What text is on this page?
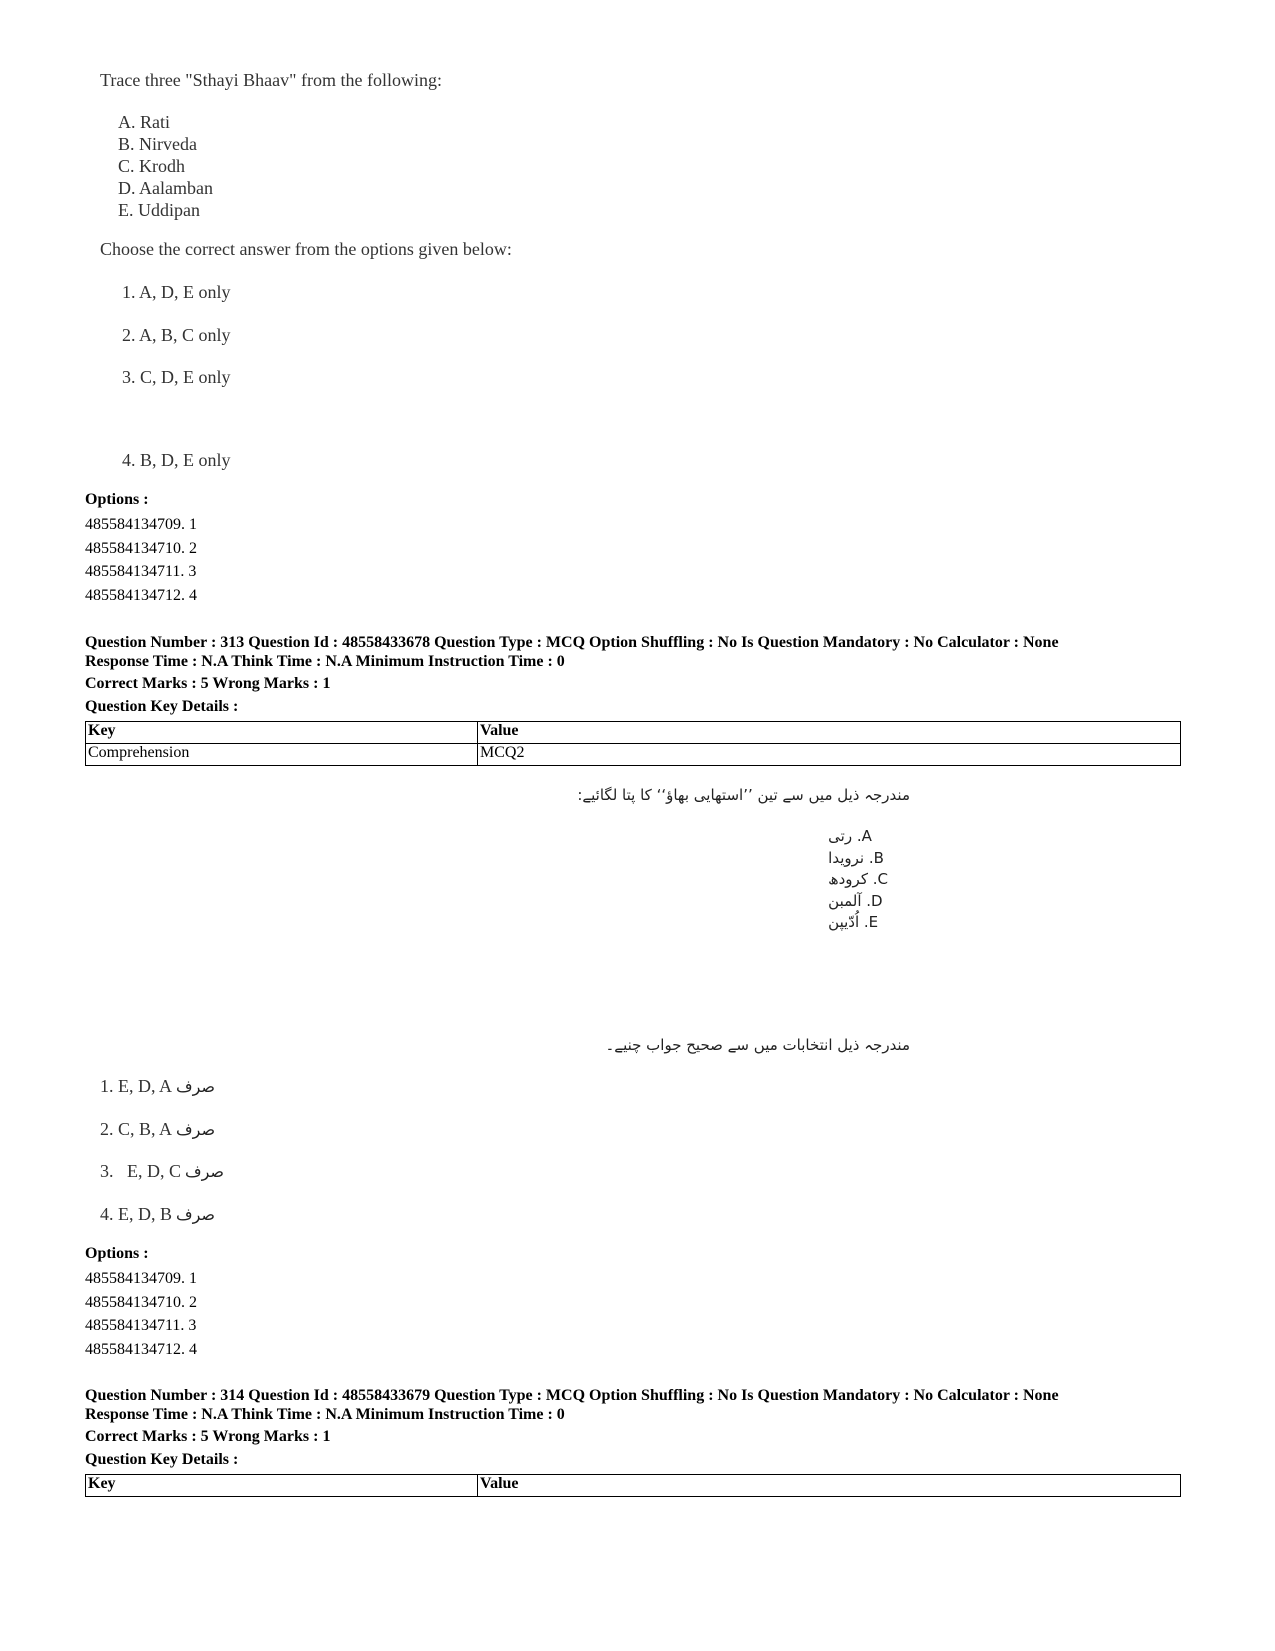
Trace three "Sthayi Bhaav" from the following:
A. Rati
B. Nirveda
C. Krodh
D. Aalamban
E. Uddipan
Choose the correct answer from the options given below:
1. A, D, E only
2. A, B, C only
3. C, D, E only
4. B, D, E only
Options :
485584134709. 1
485584134710. 2
485584134711. 3
485584134712. 4
Question Number : 313 Question Id : 48558433678 Question Type : MCQ Option Shuffling : No Is Question Mandatory : No Calculator : None
Response Time : N.A Think Time : N.A Minimum Instruction Time : 0
Correct Marks : 5 Wrong Marks : 1
Question Key Details :
Key	Value
Comprehension	MCQ2
مندرجہ ذیل میں سے تین ’’استھایی بھاؤ‘‘ کا پتا لگائیے:
A. رتی
B. نرویدا
C. کرودھ
D. آلمبن
E. اُدّیپن
مندرجہ ذیل انتخابات میں سے صحیح جواب چنیے۔
1. E, D, A صرف
2. C, B, A صرف
3.   E, D, C صرف
4. E, D, B صرف
Options :
485584134709. 1
485584134710. 2
485584134711. 3
485584134712. 4
Question Number : 314 Question Id : 48558433679 Question Type : MCQ Option Shuffling : No Is Question Mandatory : No Calculator : None
Response Time : N.A Think Time : N.A Minimum Instruction Time : 0
Correct Marks : 5 Wrong Marks : 1
Question Key Details :
Key	Value
